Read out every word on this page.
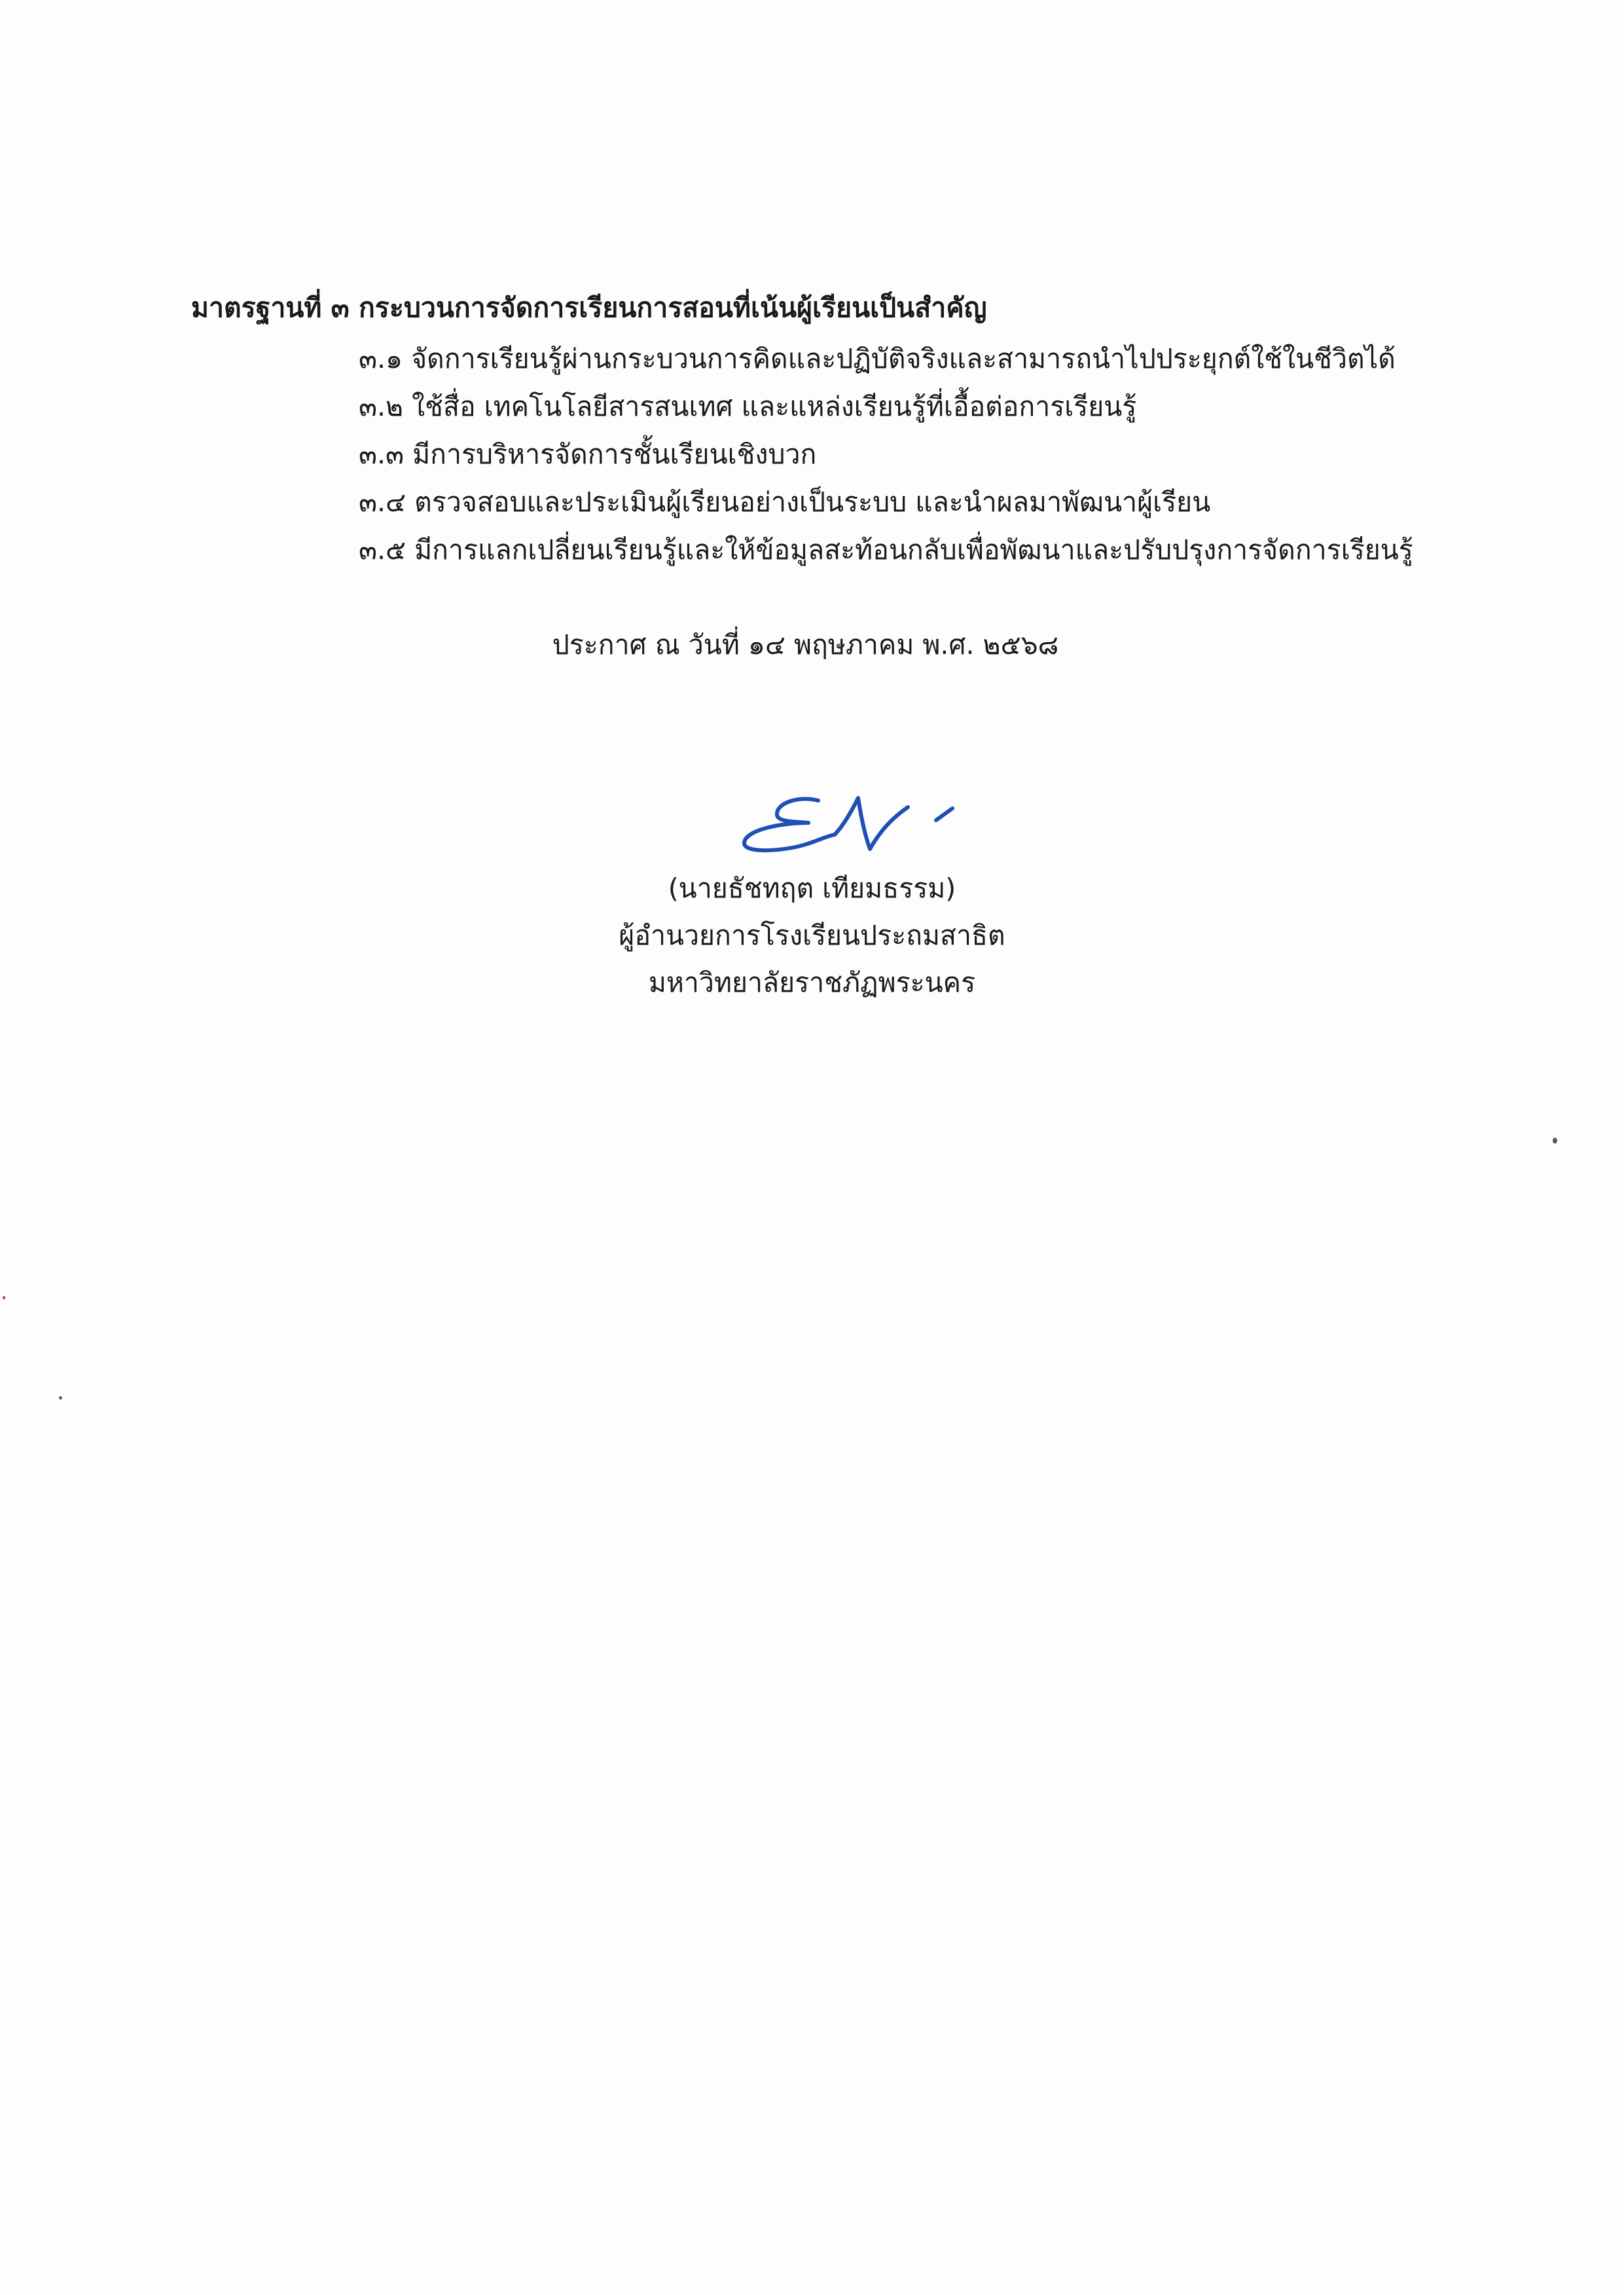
มาตรฐานที่ ๓ กระบวนการจัดการเรียนการสอนที่เน้นผู้เรียนเป็นสำคัญ
๓.๑ จัดการเรียนรู้ผ่านกระบวนการคิดและปฏิบัติจริงและสามารถนำไปประยุกต์ใช้ในชีวิตได้
๓.๒ ใช้สื่อ เทคโนโลยีสารสนเทศ และแหล่งเรียนรู้ที่เอื้อต่อการเรียนรู้
๓.๓ มีการบริหารจัดการชั้นเรียนเชิงบวก
๓.๔ ตรวจสอบและประเมินผู้เรียนอย่างเป็นระบบ และนำผลมาพัฒนาผู้เรียน
๓.๕ มีการแลกเปลี่ยนเรียนรู้และให้ข้อมูลสะท้อนกลับเพื่อพัฒนาและปรับปรุงการจัดการเรียนรู้
ประกาศ ณ วันที่ ๑๔ พฤษภาคม พ.ศ. ๒๕๖๘
(นายธัชทฤต เทียมธรรม)
ผู้อำนวยการโรงเรียนประถมสาธิต
มหาวิทยาลัยราชภัฏพระนคร
